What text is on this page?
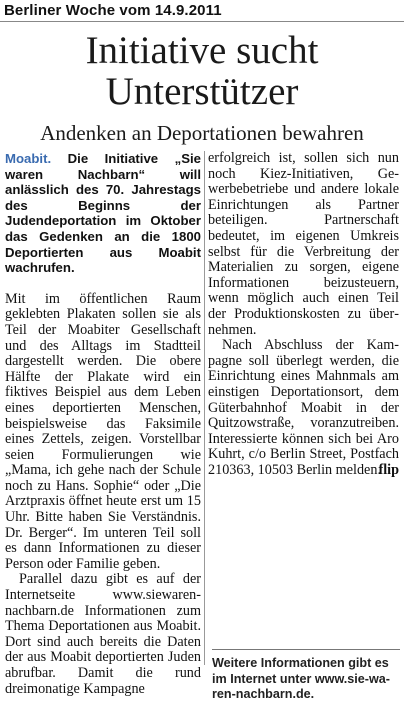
Berliner Woche vom 14.9.2011
Initiative sucht Unterstützer
Andenken an Deportationen bewahren
Moabit. Die Initiative „Sie waren Nachbarn“ will anlässlich des 70. Jahrestags des Beginns der Judendeportation im Oktober das Gedenken an die 1800 Deportierten aus Moabit wachrufen.

Mit im öffentlichen Raum geklebten Plakaten sollen sie als Teil der Moabiter Gesellschaft und des Alltags im Stadtteil dargestellt werden. Die obere Hälfte der Plakate wird ein fiktives Beispiel aus dem Leben eines deportierten Menschen, beispielsweise das Faksimile eines Zettels, zeigen. Vorstellbar seien Formulierungen wie „Mama, ich gehe nach der Schule noch zu Hans. Sophie“ oder „Die Arztpraxis öffnet heute erst um 15 Uhr. Bitte haben Sie Verständnis. Dr. Berger“. Im unteren Teil soll es dann Informationen zu dieser Person oder Familie geben.

Parallel dazu gibt es auf der Internetseite www.siewaren-nachbarn.de Informationen zum Thema Deportationen aus Moabit. Dort sind auch bereits die Daten der aus Moabit deportierten Juden abrufbar. Damit die rund dreimonatige Kampagne

erfolgreich ist, sollen sich nun noch Kiez-Initiativen, Gewerbebetriebe und andere lokale Einrichtungen als Partner beteiligen. Partnerschaft bedeutet, im eigenen Umkreis selbst für die Verbreitung der Materialien zu sorgen, eigene Informationen beizusteuern, wenn möglich auch einen Teil der Produktionskosten zu übernehmen.

Nach Abschluss der Kampagne soll überlegt werden, die Einrichtung eines Mahnmals am einstigen Deportationsort, dem Güterbahnhof Moabit in der Quitzowstraße, voranzutreiben. Interessierte können sich bei Aro Kuhrt, c/o Berlin Street, Postfach 210363, 10503 Berlin melden.

flip
Weitere Informationen gibt es im Internet unter www.sie-waren-nachbarn.de.
